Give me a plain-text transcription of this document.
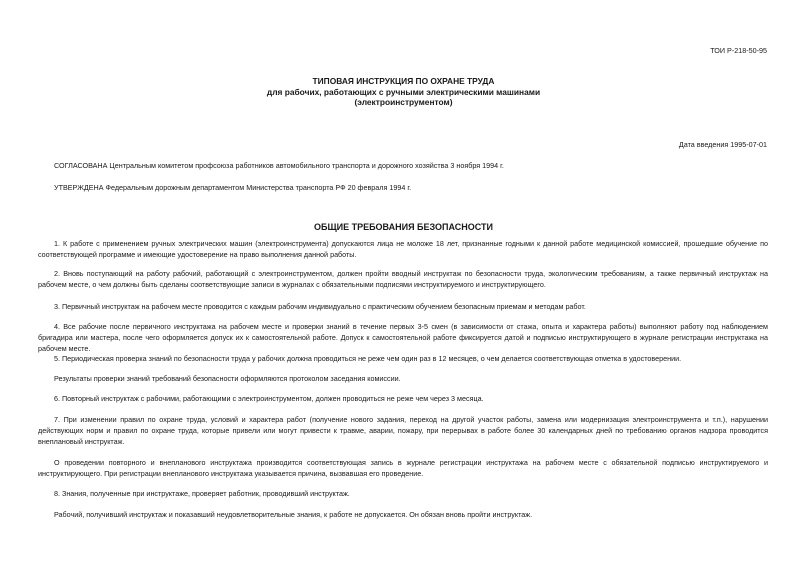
ТОИ Р-218-50-95
ТИПОВАЯ ИНСТРУКЦИЯ ПО ОХРАНЕ ТРУДА
для рабочих, работающих с ручными электрическими машинами
(электроинструментом)
Дата введения 1995-07-01
СОГЛАСОВАНА Центральным комитетом профсоюза работников автомобильного транспорта и дорожного хозяйства 3 ноября 1994 г.
УТВЕРЖДЕНА Федеральным дорожным департаментом Министерства транспорта РФ 20 февраля 1994 г.
ОБЩИЕ ТРЕБОВАНИЯ БЕЗОПАСНОСТИ

1. К работе с применением ручных электрических машин (электроинструмента) допускаются лица не моложе 18 лет, признанные годными к данной работе медицинской комиссией, прошедшие обучение по соответствующей программе и имеющие удостоверение на право выполнения данной работы.

2. Вновь поступающий на работу рабочий, работающий с электроинструментом, должен пройти вводный инструктаж по безопасности труда, экологическим требованиям, а также первичный инструктаж на рабочем месте, о чем должны быть сделаны соответствующие записи в журналах с обязательными подписями инструктируемого и инструктирующего.

3. Первичный инструктаж на рабочем месте проводится с каждым рабочим индивидуально с практическим обучением безопасным приемам и методам работ.

4. Все рабочие после первичного инструктажа на рабочем месте и проверки знаний в течение первых 3-5 смен (в зависимости от стажа, опыта и характера работы) выполняют работу под наблюдением бригадира или мастера, после чего оформляется допуск их к самостоятельной работе. Допуск к самостоятельной работе фиксируется датой и подписью инструктирующего в журнале регистрации инструктажа на рабочем месте.

5. Периодическая проверка знаний по безопасности труда у рабочих должна проводиться не реже чем один раз в 12 месяцев, о чем делается соответствующая отметка в удостоверении.

Результаты проверки знаний требований безопасности оформляются протоколом заседания комиссии.

6. Повторный инструктаж с рабочими, работающими с электроинструментом, должен проводиться не реже чем через 3 месяца.

7. При изменении правил по охране труда, условий и характера работ (получение нового задания, переход на другой участок работы, замена или модернизация электроинструмента и т.п.), нарушении действующих норм и правил по охране труда, которые привели или могут привести к травме, аварии, пожару, при перерывах в работе более 30 календарных дней по требованию органов надзора проводится внеплановый инструктаж.

О проведении повторного и внепланового инструктажа производится соответствующая запись в журнале регистрации инструктажа на рабочем месте с обязательной подписью инструктируемого и инструктирующего. При регистрации внепланового инструктажа указывается причина, вызвавшая его проведение.

8. Знания, полученные при инструктаже, проверяет работник, проводивший инструктаж.

Рабочий, получивший инструктаж и показавший неудовлетворительные знания, к работе не допускается. Он обязан вновь пройти инструктаж.
